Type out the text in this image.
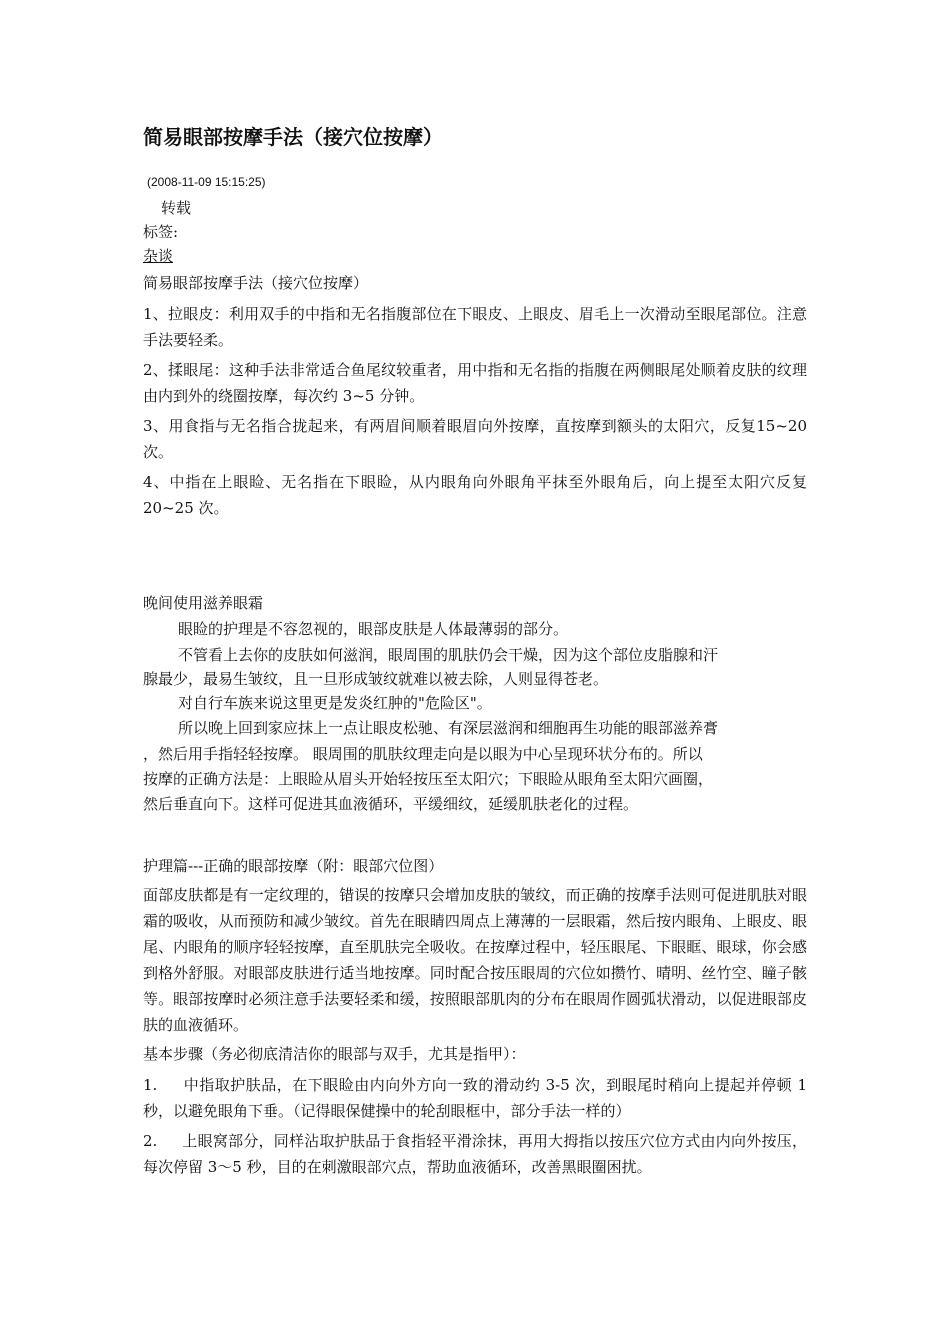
简易眼部按摩手法（接穴位按摩）
(2008-11-09 15:15:25)
转载
标签:
杂谈
简易眼部按摩手法（接穴位按摩）

1、拉眼皮：利用双手的中指和无名指腹部位在下眼皮、上眼皮、眉毛上一次滑动至眼尾部位。注意手法要轻柔。

2、揉眼尾：这种手法非常适合鱼尾纹较重者，用中指和无名指的指腹在两侧眼尾处顺着皮肤的纹理由内到外的绕圈按摩，每次约 3~5 分钟。

3、用食指与无名指合拢起来，有两眉间顺着眼眉向外按摩，直按摩到额头的太阳穴，反复15~20 次。

4、中指在上眼睑、无名指在下眼睑，从内眼角向外眼角平抹至外眼角后，向上提至太阳穴反复 20~25 次。

晚间使用滋养眼霜
眼睑的护理是不容忽视的，眼部皮肤是人体最薄弱的部分。
不管看上去你的皮肤如何滋润，眼周围的肌肤仍会干燥，因为这个部位皮脂腺和汗
腺最少，最易生皱纹，且一旦形成皱纹就难以被去除，人则显得苍老。
对自行车族来说这里更是发炎红肿的"危险区"。
所以晚上回到家应抹上一点让眼皮松驰、有深层滋润和细胞再生功能的眼部滋养膏
，然后用手指轻轻按摩。 眼周围的肌肤纹理走向是以眼为中心呈现环状分布的。所以
按摩的正确方法是：上眼睑从眉头开始轻按压至太阳穴；下眼睑从眼角至太阳穴画圈，
然后垂直向下。这样可促进其血液循环，平缓细纹，延缓肌肤老化的过程。
护理篇---正确的眼部按摩（附：眼部穴位图）

面部皮肤都是有一定纹理的，错误的按摩只会增加皮肤的皱纹，而正确的按摩手法则可促进肌肤对眼霜的吸收，从而预防和减少皱纹。首先在眼睛四周点上薄薄的一层眼霜，然后按内眼角、上眼皮、眼尾、内眼角的顺序轻轻按摩，直至肌肤完全吸收。在按摩过程中，轻压眼尾、下眼眶、眼球，你会感到格外舒服。对眼部皮肤进行适当地按摩。同时配合按压眼周的穴位如攒竹、晴明、丝竹空、瞳子骸等。眼部按摩时必须注意手法要轻柔和缓，按照眼部肌肉的分布在眼周作圆弧状滑动，以促进眼部皮肤的血液循环。

基本步骤（务必彻底清洁你的眼部与双手，尤其是指甲）：

1.     中指取护肤品，在下眼睑由内向外方向一致的滑动约 3-5 次，到眼尾时稍向上提起并停顿 1 秒，以避免眼角下垂。（记得眼保健操中的轮刮眼框中，部分手法一样的）

2.     上眼窝部分，同样沾取护肤品于食指轻平滑涂抹，再用大拇指以按压穴位方式由内向外按压，每次停留 3～5 秒，目的在刺激眼部穴点，帮助血液循环，改善黑眼圈困扰。
